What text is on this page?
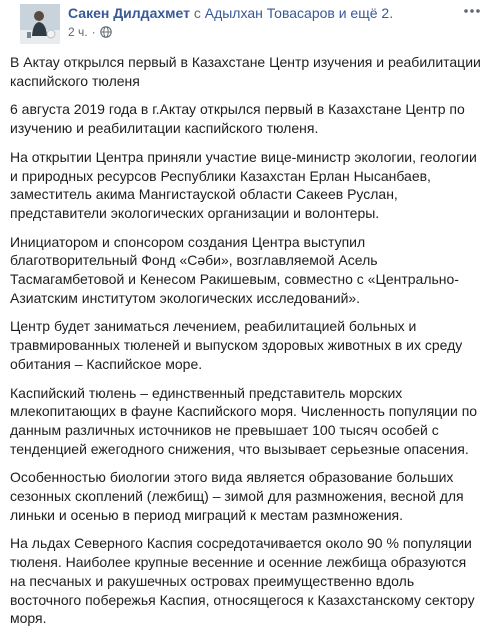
Сакен Дилдахмет с Адылхан Товасаров и ещё 2.
2 ч. ·

В Актау открылся первый в Казахстане Центр изучения и реабилитации каспийского тюленя

6 августа 2019 года в г.Актау открылся первый в Казахстане Центр по изучению и реабилитации каспийского тюленя.

На открытии Центра приняли участие вице-министр экологии, геологии и природных ресурсов Республики Казахстан Ерлан Нысанбаев, заместитель акима Мангистауской области Сакеев Руслан, представители экологических организации и волонтеры.

Инициатором и спонсором создания Центра выступил благотворительный Фонд «Сәби», возглавляемой Асель Тасмагамбетовой и Кенесом Ракишевым, совместно с «Центрально-Азиатским институтом экологических исследований».

Центр будет заниматься лечением, реабилитацией больных и травмированных тюленей и выпуском здоровых животных в их среду обитания – Каспийское море.

Каспийский тюлень – единственный представитель морских млекопитающих в фауне Каспийского моря. Численность популяции по данным различных источников не превышает 100 тысяч особей с тенденцией ежегодного снижения, что вызывает серьезные опасения.

Особенностью биологии этого вида является образование больших сезонных скоплений (лежбищ) – зимой для размножения, весной для линьки и осенью в период миграций к местам размножения.

На льдах Северного Каспия сосредотачивается около 90 % популяции тюленя. Наиболее крупные весенние и осенние лежбища образуются на песчаных и ракушечных островах преимущественно вдоль восточного побережья Каспия, относящегося к Казахстанскому сектору моря.
